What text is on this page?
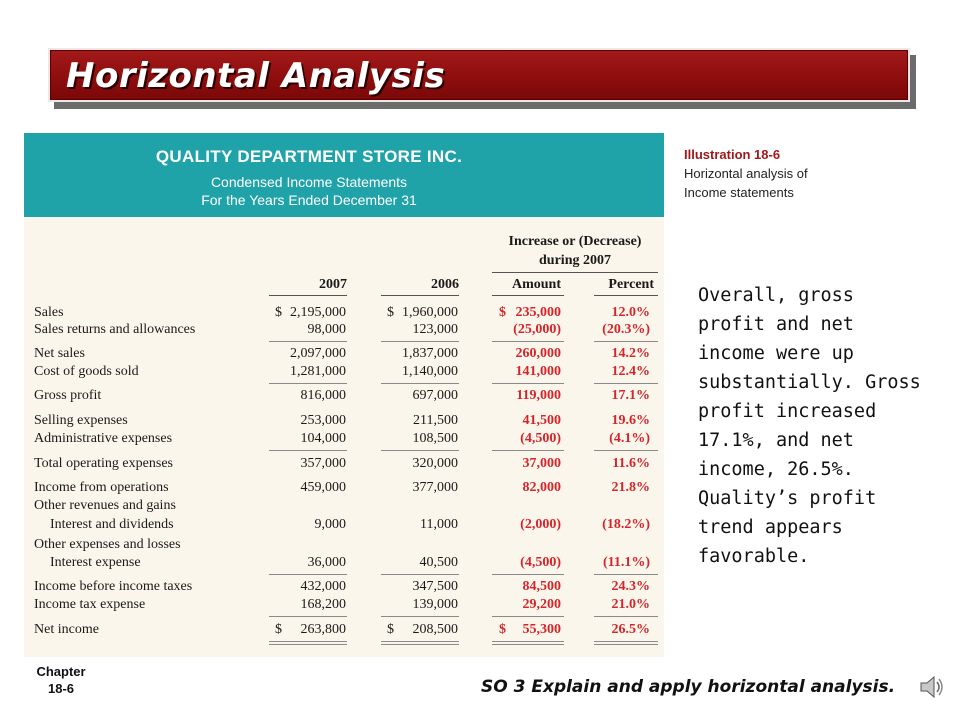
Horizontal Analysis
QUALITY DEPARTMENT STORE INC.
Condensed Income Statements
For the Years Ended December 31
Increase or (Decrease)
during 2007
2007	2006	Amount	Percent
Sales	2,195,000	1,960,000	235,000	12.0%
$	$	$
Sales returns and allowances	98,000	123,000	(25,000)	(20.3%)
Net sales	2,097,000	1,837,000	260,000	14.2%
Cost of goods sold	1,281,000	1,140,000	141,000	12.4%
Gross profit	816,000	697,000	119,000	17.1%
Selling expenses	253,000	211,500	41,500	19.6%
Administrative expenses	104,000	108,500	(4,500)	(4.1%)
Total operating expenses	357,000	320,000	37,000	11.6%
Income from operations	459,000	377,000	82,000	21.8%
Other revenues and gains
Interest and dividends	9,000	11,000	(2,000)	(18.2%)
Other expenses and losses
Interest expense	36,000	40,500	(4,500)	(11.1%)
Income before income taxes	432,000	347,500	84,500	24.3%
Income tax expense	168,200	139,000	29,200	21.0%
Net income	263,800	208,500	55,300	26.5%
$	$	$
Illustration 18-6
Horizontal analysis of
Income statements
Overall, gross
profit and net
income were up
substantially. Gross
profit increased
17.1%, and net
income, 26.5%.
Quality’s profit
trend appears
favorable.
Chapter
18-6	SO 3 Explain and apply horizontal analysis.
